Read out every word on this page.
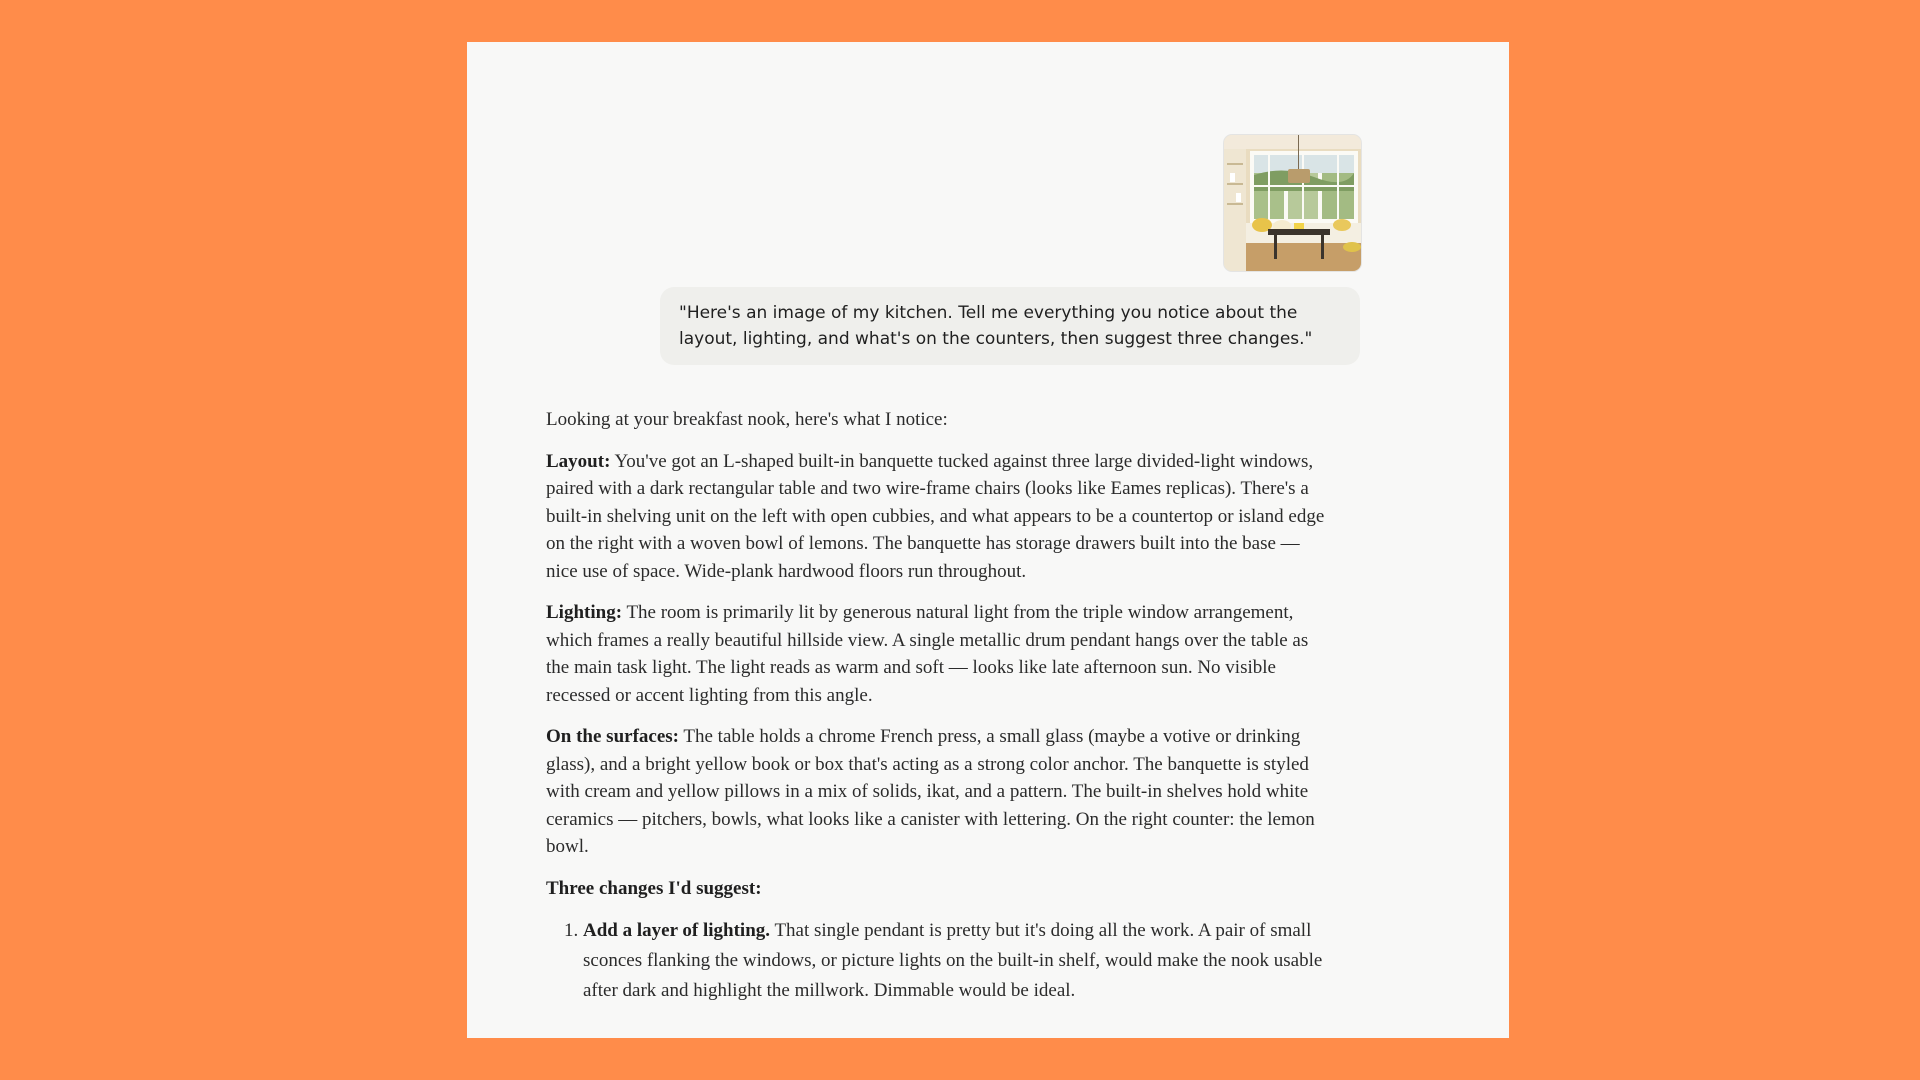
"Here's an image of my kitchen. Tell me everything you notice about the layout, lighting, and what's on the counters, then suggest three changes."

Looking at your breakfast nook, here's what I notice:

Layout: You've got an L-shaped built-in banquette tucked against three large divided-light windows, paired with a dark rectangular table and two wire-frame chairs (looks like Eames replicas). There's a built-in shelving unit on the left with open cubbies, and what appears to be a countertop or island edge on the right with a woven bowl of lemons. The banquette has storage drawers built into the base — nice use of space. Wide-plank hardwood floors run throughout.

Lighting: The room is primarily lit by generous natural light from the triple window arrangement, which frames a really beautiful hillside view. A single metallic drum pendant hangs over the table as the main task light. The light reads as warm and soft — looks like late afternoon sun. No visible recessed or accent lighting from this angle.

On the surfaces: The table holds a chrome French press, a small glass (maybe a votive or drinking glass), and a bright yellow book or box that's acting as a strong color anchor. The banquette is styled with cream and yellow pillows in a mix of solids, ikat, and a pattern. The built-in shelves hold white ceramics — pitchers, bowls, what looks like a canister with lettering. On the right counter: the lemon bowl.

Three changes I'd suggest:

1. Add a layer of lighting. That single pendant is pretty but it's doing all the work. A pair of small sconces flanking the windows, or picture lights on the built-in shelf, would make the nook usable after dark and highlight the millwork. Dimmable would be ideal.
